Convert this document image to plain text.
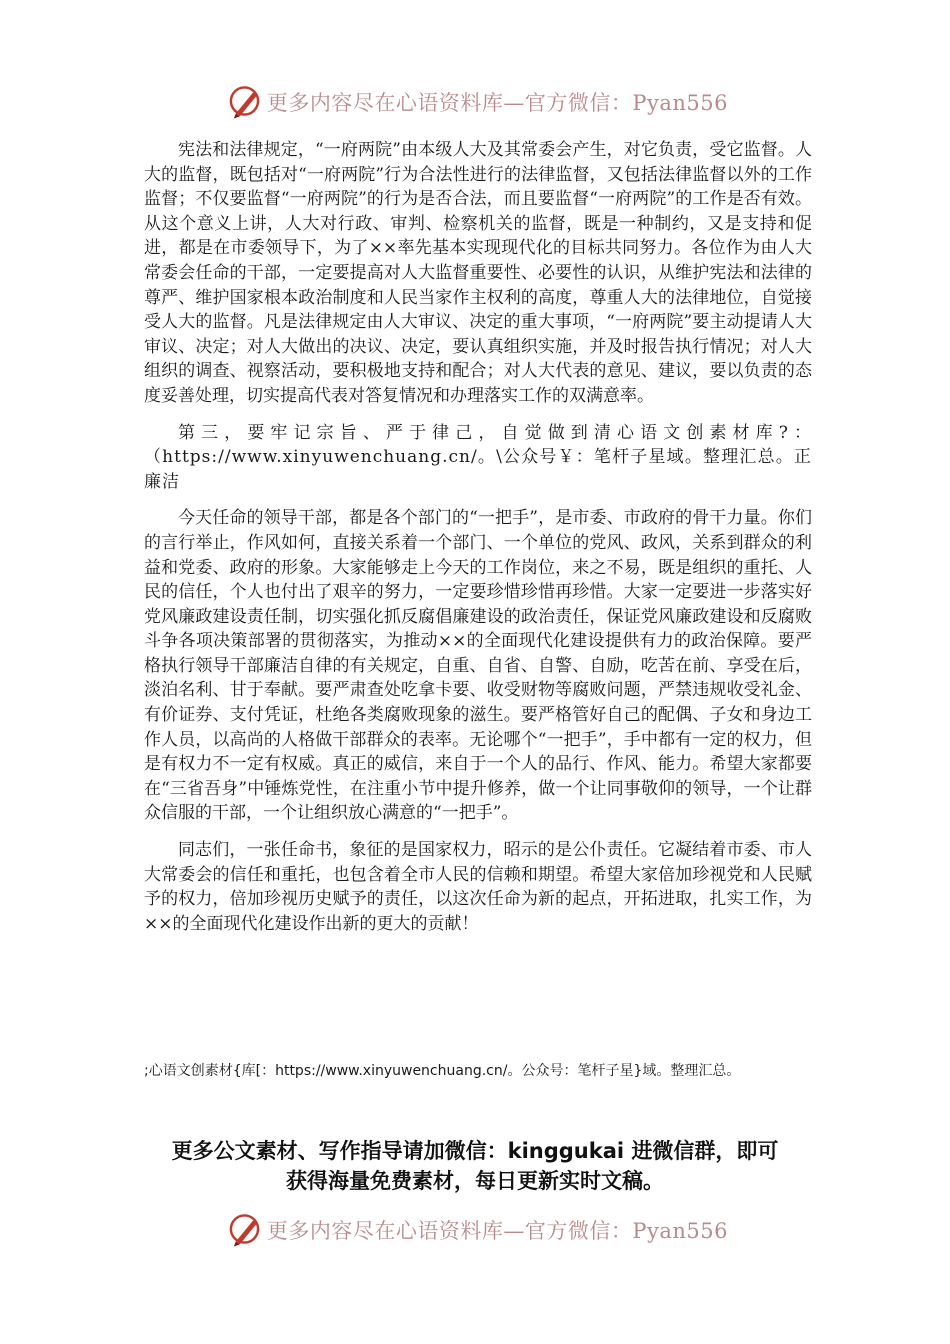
更多内容尽在心语资料库—官方微信：Pyan556

宪法和法律规定，“一府两院”由本级人大及其常委会产生，对它负责，受它监督。人大的监督，既包括对“一府两院”行为合法性进行的法律监督，又包括法律监督以外的工作监督；不仅要监督“一府两院”的行为是否合法，而且要监督“一府两院”的工作是否有效。从这个意义上讲，人大对行政、审判、检察机关的监督，既是一种制约，又是支持和促进，都是在市委领导下，为了××率先基本实现现代化的目标共同努力。各位作为由人大常委会任命的干部，一定要提高对人大监督重要性、必要性的认识，从维护宪法和法律的尊严、维护国家根本政治制度和人民当家作主权利的高度，尊重人大的法律地位，自觉接受人大的监督。凡是法律规定由人大审议、决定的重大事项，“一府两院”要主动提请人大审议、决定；对人大做出的决议、决定，要认真组织实施，并及时报告执行情况；对人大组织的调查、视察活动，要积极地支持和配合；对人大代表的意见、建议，要以负责的态度妥善处理，切实提高代表对答复情况和办理落实工作的双满意率。

第三，要牢记宗旨、严于律己，自觉做到清心语文创素材库?：（https://www.xinyuwenchuang.cn/。\公众号￥：笔杆子星域。整理汇总。正廉洁

今天任命的领导干部，都是各个部门的“一把手”，是市委、市政府的骨干力量。你们的言行举止，作风如何，直接关系着一个部门、一个单位的党风、政风，关系到群众的利益和党委、政府的形象。大家能够走上今天的工作岗位，来之不易，既是组织的重托、人民的信任，个人也付出了艰辛的努力，一定要珍惜珍惜再珍惜。大家一定要进一步落实好党风廉政建设责任制，切实强化抓反腐倡廉建设的政治责任，保证党风廉政建设和反腐败斗争各项决策部署的贯彻落实，为推动××的全面现代化建设提供有力的政治保障。要严格执行领导干部廉洁自律的有关规定，自重、自省、自警、自励，吃苦在前、享受在后，淡泊名利、甘于奉献。要严肃查处吃拿卡要、收受财物等腐败问题，严禁违规收受礼金、有价证券、支付凭证，杜绝各类腐败现象的滋生。要严格管好自己的配偶、子女和身边工作人员，以高尚的人格做干部群众的表率。无论哪个“一把手”，手中都有一定的权力，但是有权力不一定有权威。真正的威信，来自于一个人的品行、作风、能力。希望大家都要在“三省吾身”中锤炼党性，在注重小节中提升修养，做一个让同事敬仰的领导，一个让群众信服的干部，一个让组织放心满意的“一把手”。

同志们，一张任命书，象征的是国家权力，昭示的是公仆责任。它凝结着市委、市人大常委会的信任和重托，也包含着全市人民的信赖和期望。希望大家倍加珍视党和人民赋予的权力，倍加珍视历史赋予的责任，以这次任命为新的起点，开拓进取，扎实工作，为××的全面现代化建设作出新的更大的贡献！

;心语文创素材{库[：https://www.xinyuwenchuang.cn/。公众号：笔杆子星}域。整理汇总。
更多公文素材、写作指导请加微信：kinggukai 进微信群，即可
获得海量免费素材，每日更新实时文稿。
更多内容尽在心语资料库—官方微信：Pyan556
